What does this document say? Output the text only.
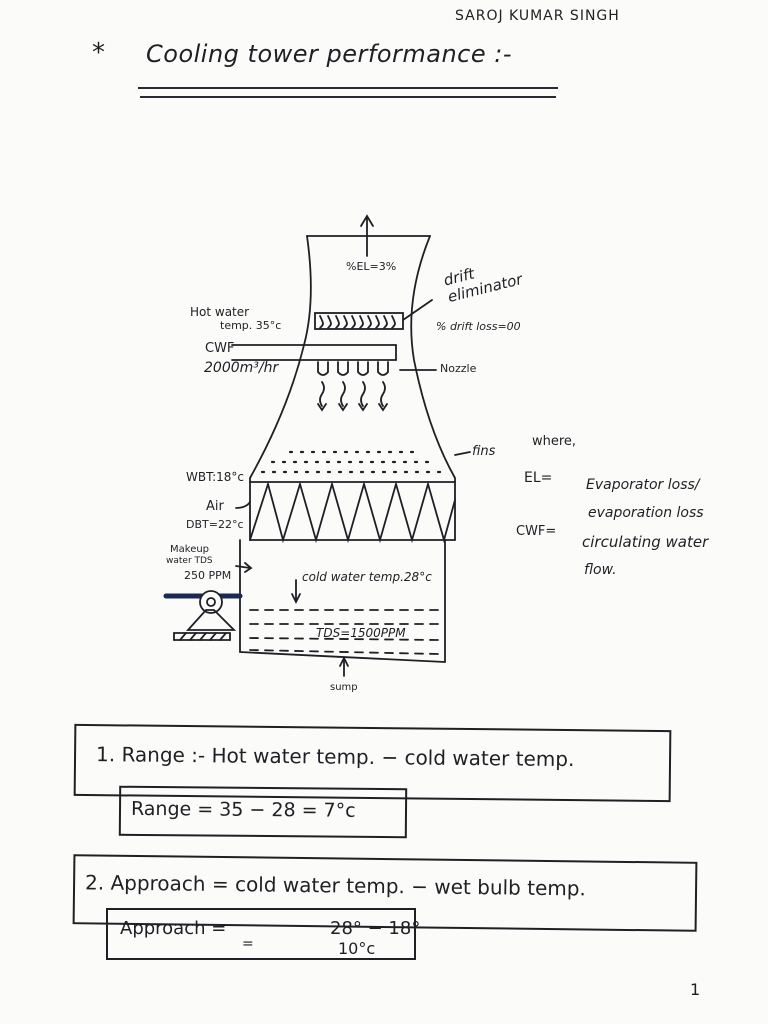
SAROJ KUMAR SINGH
* Cooling tower performance :-
%EL=3%	drift
eliminator
% drift loss=00
Hot water
temp. 35°c
CWF
2000m³/hr	Nozzle
fins
WBT:18°c
Air
DBT=22°c
Makeup
water TDS
250 PPM	cold water temp.28°c
TDS=1500PPM
sump
where,
EL= Evaporator loss/
evaporation loss
CWF=
circulating water
flow.
1. Range :- Hot water temp. − cold water temp.
Range = 35 − 28 = 7°c
2. Approach = cold water temp. − wet bulb temp.
Approach =
=
28° − 18°
10°c
1
